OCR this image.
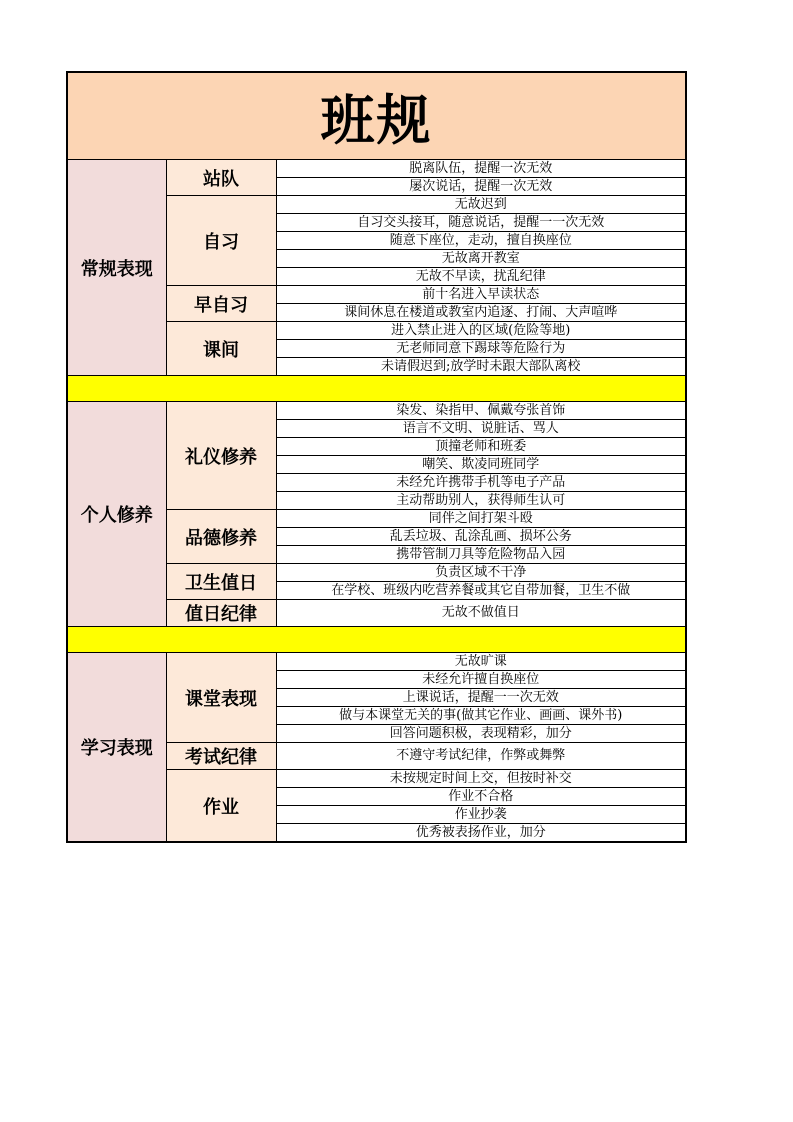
班规		
常规表现	站队	脱离队伍，提醒一次无效
		屡次说话，提醒一次无效
	自习	无故迟到
		自习交头接耳，随意说话，提醒一一次无效
		随意下座位，走动，擅自换座位
		无故离开教室
		无故不早读，扰乱纪律
	早自习	前十名进入早读状态
		课间休息在楼道或教室内追逐、打闹、大声喧哗
	课间	进入禁止进入的区域(危险等地)
		无老师同意下踢球等危险行为
		未请假迟到;放学时未跟大部队离校

个人修养	礼仪修养	染发、染指甲、佩戴夸张首饰
		语言不文明、说脏话、骂人
		顶撞老师和班委
		嘲笑、欺凌同班同学
		未经允许携带手机等电子产品
		主动帮助别人，获得师生认可
	品德修养	同伴之间打架斗殴
		乱丢垃圾、乱涂乱画、损坏公务
		携带管制刀具等危险物品入园
	卫生值日	负责区域不干净
		在学校、班级内吃营养餐或其它自带加餐，卫生不做
	值日纪律	无故不做值日

学习表现	课堂表现	无故旷课
		未经允许擅自换座位
		上课说话，提醒一一次无效
		做与本课堂无关的事(做其它作业、画画、课外书)
		回答问题积极，表现精彩，加分
	考试纪律	不遵守考试纪律，作弊或舞弊
	作业	未按规定时间上交，但按时补交
		作业不合格
		作业抄袭
		优秀被表扬作业，加分
